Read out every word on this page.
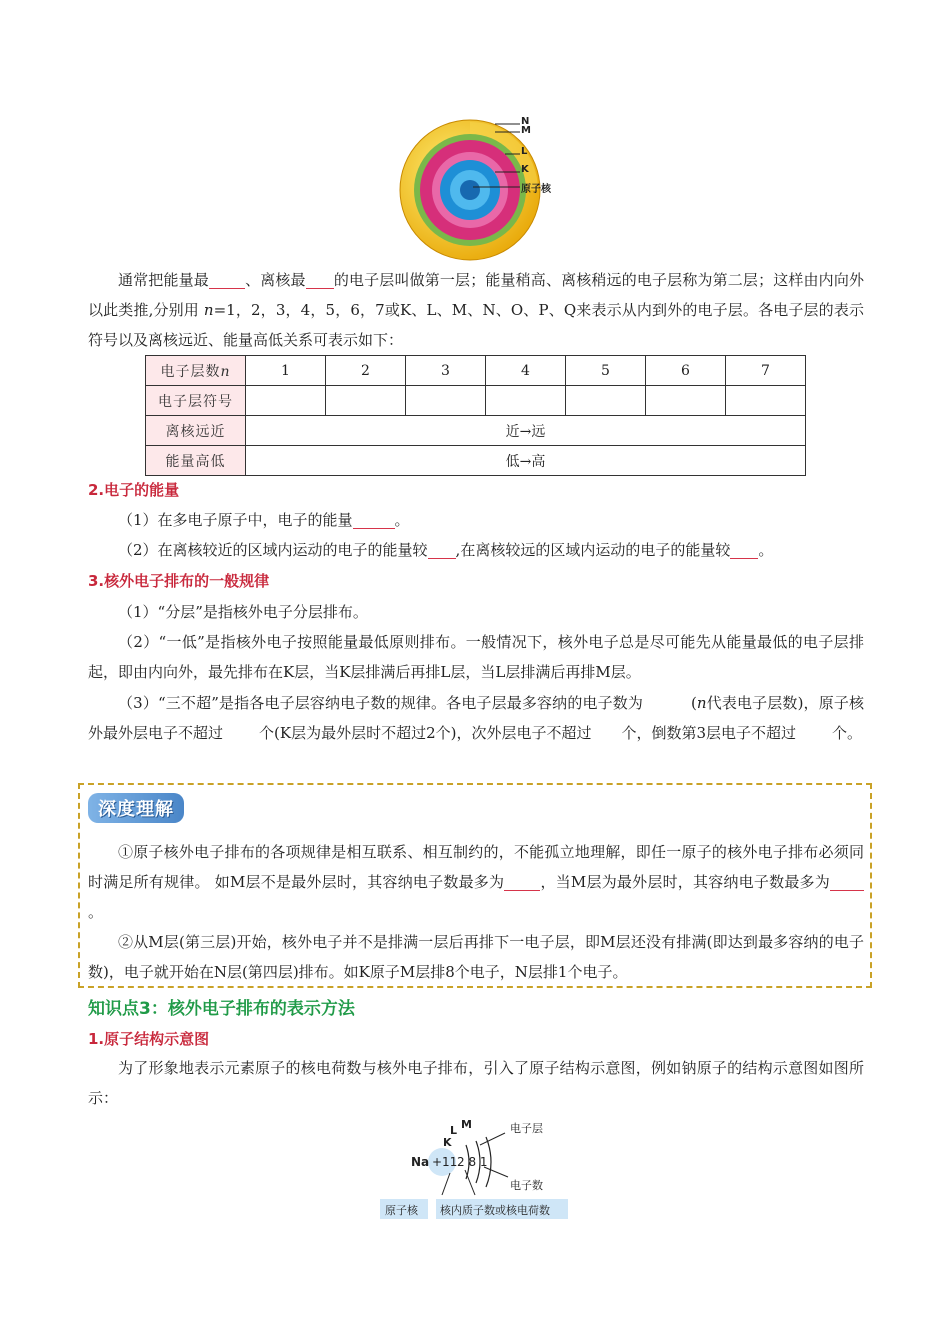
N
M
L
K
原子核
通常把能量最 、离核最 的电子层叫做第一层；能量稍高、离核稍远的电子层称为第二层；这样由内向外以此类推,分别用 n=1，2，3，4，5，6，7或K、L、M、N、O、P、Q来表示从内到外的电子层。各电子层的表示符号以及离核远近、能量高低关系可表示如下：
电子层数n	1	2	3	4	5	6	7
电子层符号							
离核远近	近→远						
能量高低	低→高						
2.电子的能量
（1）在多电子原子中，电子的能量	。
（2）在离核较近的区域内运动的电子的能量较 ,在离核较远的区域内运动的电子的能量较 。
3.核外电子排布的一般规律
（1）“分层”是指核外电子分层排布。
（2）“一低”是指核外电子按照能量最低原则排布。一般情况下，核外电子总是尽可能先从能量最低的电子层排起，即由内向外，最先排布在K层，当K层排满后再排L层，当L层排满后再排M层。
（3）“三不超”是指各电子层容纳电子数的规律。各电子层最多容纳的电子数为	(n代表电子层数)，原子核外最外层电子不超过 个(K层为最外层时不超过2个)，次外层电子不超过 个，倒数第3层电子不超过 个。
深度理解
①原子核外电子排布的各项规律是相互联系、相互制约的，不能孤立地理解，即任一原子的核外电子排布必须同时满足所有规律。 如M层不是最外层时，其容纳电子数最多为 ，当M层为最外层时，其容纳电子数最多为。
②从M层(第三层)开始，核外电子并不是排满一层后再排下一电子层，即M层还没有排满(即达到最多容纳的电子数)，电子就开始在N层(第四层)排布。如K原子M层排8个电子，N层排1个电子。
知识点3：核外电子排布的表示方法
1.原子结构示意图
为了形象地表示元素原子的核电荷数与核外电子排布，引入了原子结构示意图，例如钠原子的结构示意图如图所示：
Na +11 2 8 1
K
L M	电子层
电子数
原子核 核内质子数或核电荷数
